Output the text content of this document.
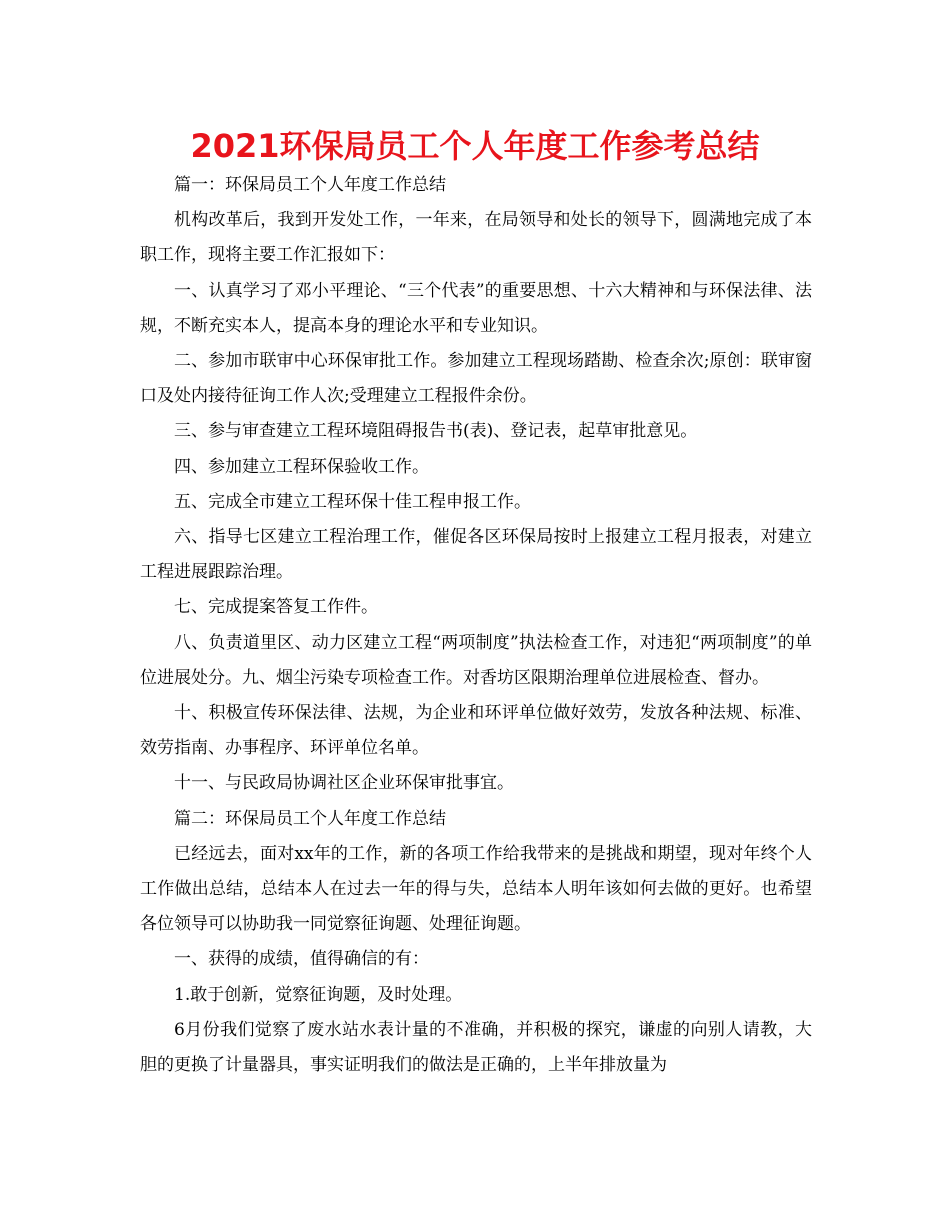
2021环保局员工个人年度工作参考总结

篇一：环保局员工个人年度工作总结

机构改革后，我到开发处工作，一年来，在局领导和处长的领导下，圆满地完成了本职工作，现将主要工作汇报如下：

一、认真学习了邓小平理论、“三个代表”的重要思想、十六大精神和与环保法律、法规，不断充实本人，提高本身的理论水平和专业知识。

二、参加市联审中心环保审批工作。参加建立工程现场踏勘、检查余次;原创：联审窗口及处内接待征询工作人次;受理建立工程报件余份。

三、参与审查建立工程环境阻碍报告书(表)、登记表，起草审批意见。

四、参加建立工程环保验收工作。

五、完成全市建立工程环保十佳工程申报工作。

六、指导七区建立工程治理工作，催促各区环保局按时上报建立工程月报表，对建立工程进展跟踪治理。

七、完成提案答复工作件。

八、负责道里区、动力区建立工程“两项制度”执法检查工作，对违犯“两项制度”的单位进展处分。九、烟尘污染专项检查工作。对香坊区限期治理单位进展检查、督办。

十、积极宣传环保法律、法规，为企业和环评单位做好效劳，发放各种法规、标准、效劳指南、办事程序、环评单位名单。

十一、与民政局协调社区企业环保审批事宜。

篇二：环保局员工个人年度工作总结

已经远去，面对xx年的工作，新的各项工作给我带来的是挑战和期望，现对年终个人工作做出总结，总结本人在过去一年的得与失，总结本人明年该如何去做的更好。也希望各位领导可以协助我一同觉察征询题、处理征询题。

一、获得的成绩，值得确信的有：

1.敢于创新，觉察征询题，及时处理。

6月份我们觉察了废水站水表计量的不准确，并积极的探究，谦虚的向别人请教，大胆的更换了计量器具，事实证明我们的做法是正确的，上半年排放量为
